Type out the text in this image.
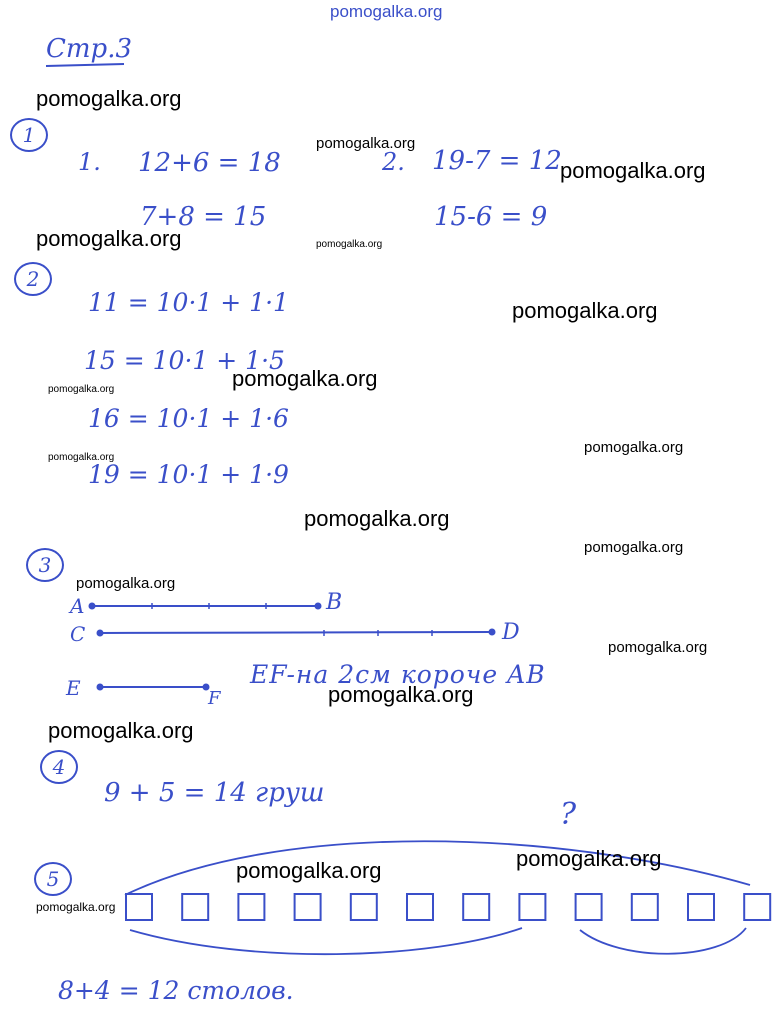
pomogalka.org
Стр.3
1
1. 12+6 = 18
7+8 = 15
2. 19-7 = 12
15-6 = 9
2
11 = 10·1 + 1·1
15 = 10·1 + 1·5
16 = 10·1 + 1·6
19 = 10·1 + 1·9
3
A	B
C	D
E	F
EF-на 2см короче AB
4
9 + 5 = 14 груш
5
?
8+4 = 12 столов.
pomogalka.org
pomogalka.org
pomogalka.org
pomogalka.org	pomogalka.org
pomogalka.org
pomogalka.org
pomogalka.org
pomogalka.org
pomogalka.org
pomogalka.org
pomogalka.org
pomogalka.org
pomogalka.org
pomogalka.org
pomogalka.org
pomogalka.org
pomogalka.org
pomogalka.org
